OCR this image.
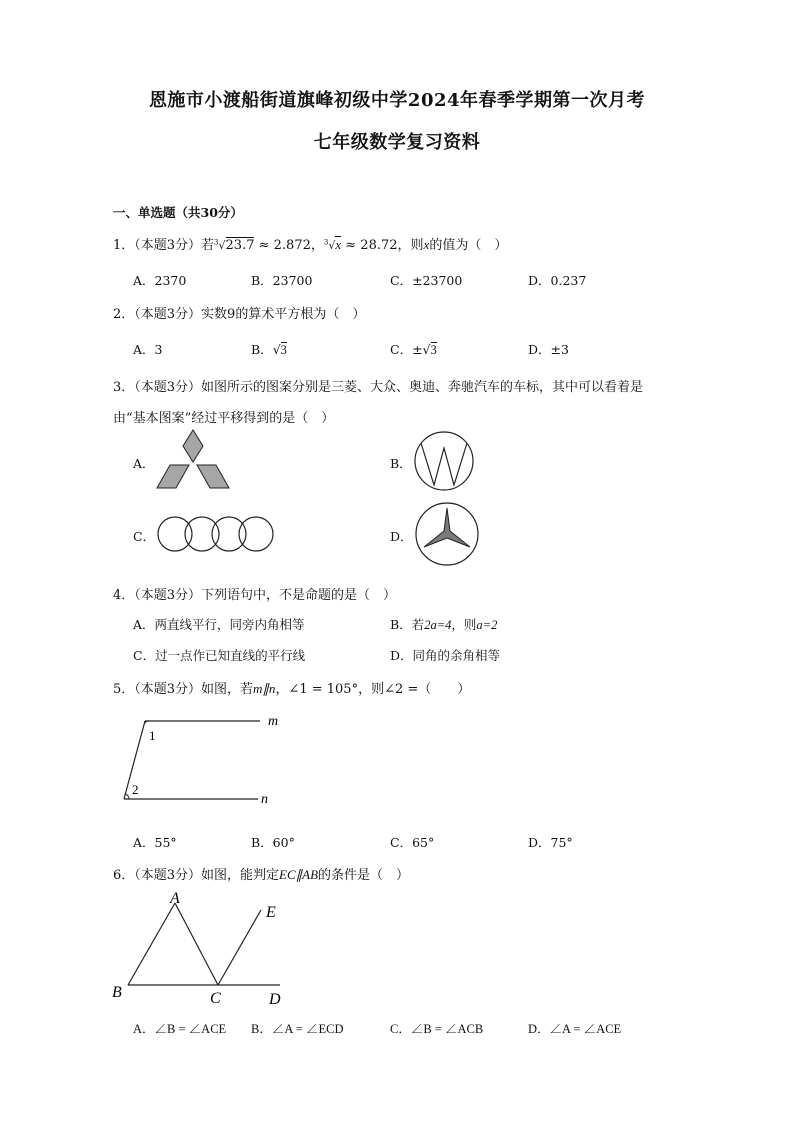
恩施市小渡船街道旗峰初级中学2024年春季学期第一次月考
七年级数学复习资料
一、单选题（共30分）
1．（本题3分）若$^3$√23.7 ≈ 2.872，$^3$√x ≈ 28.72，则x的值为（　）
A．2370	B．23700	C．±23700	D．0.237
2．（本题3分）实数9的算术平方根为（　）
A．3	B．√3	C．±√3	D．±3
3．（本题3分）如图所示的图案分别是三菱、大众、奥迪、奔驰汽车的车标，其中可以看着是
由“基本图案”经过平移得到的是（　）
A．	B．
C．	D．
4．（本题3分）下列语句中，不是命题的是（　）
A．两直线平行，同旁内角相等	B．若2a=4，则a=2
C．过一点作已知直线的平行线	D．同角的余角相等
5．（本题3分）如图，若m∥n，∠1 = 105°，则∠2 =（　　）
m
n
1
2
A．55°	B．60°	C．65°	D．75°
6．（本题3分）如图，能判定EC∥AB的条件是（　）
A
B	C	D
E
A．∠B = ∠ACE B．∠A = ∠ECD	C．∠B = ∠ACB	D．∠A = ∠ACE
